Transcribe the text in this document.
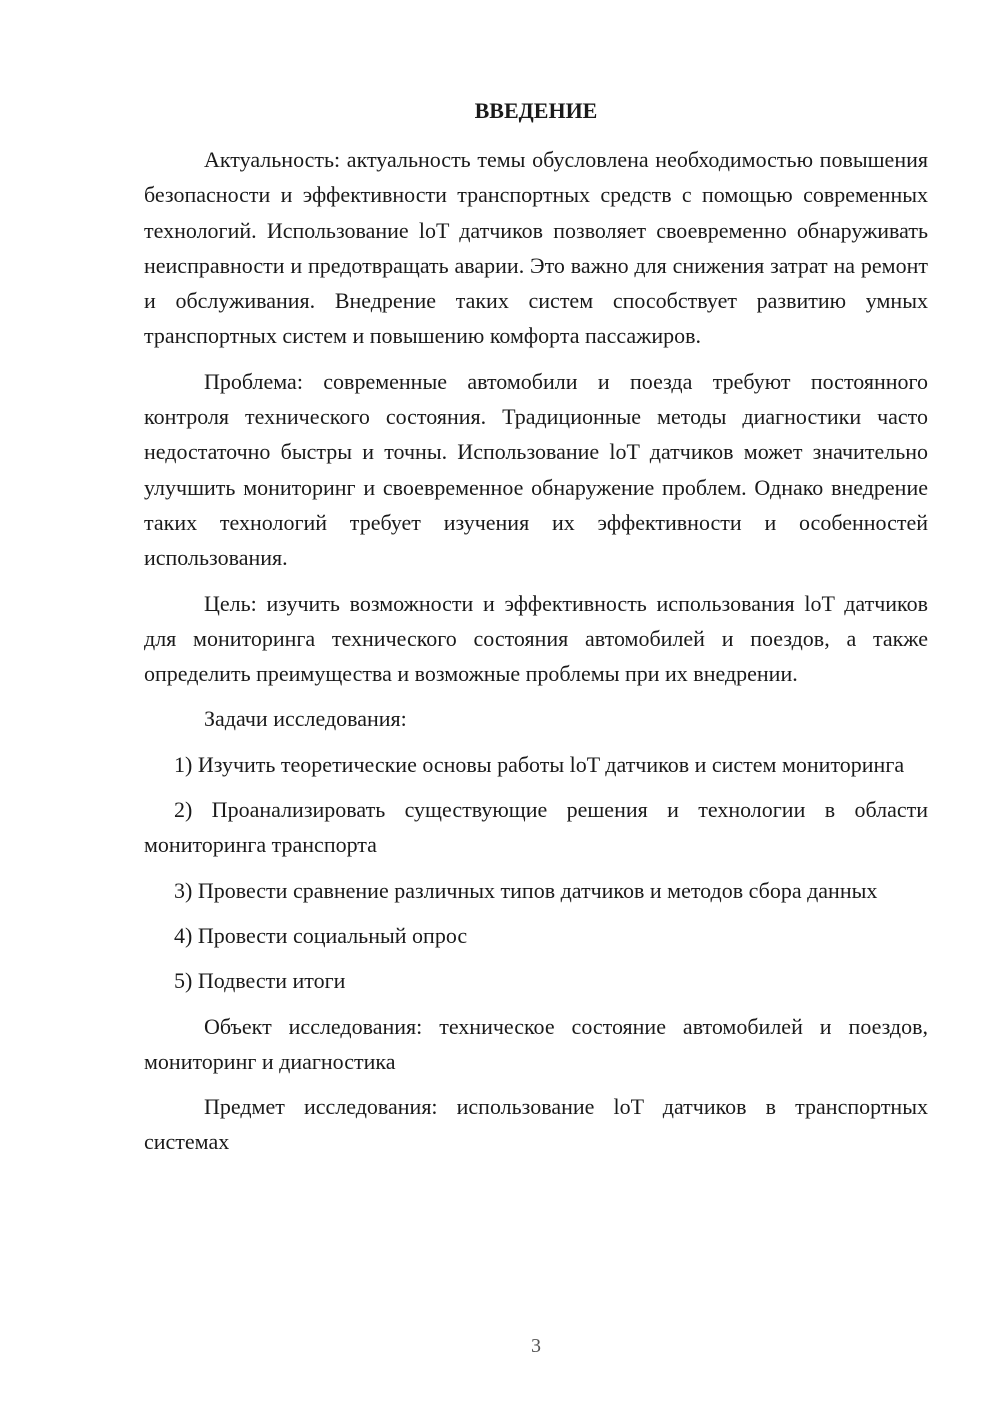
ВВЕДЕНИЕ

Актуальность: актуальность темы обусловлена необходимостью повышения безопасности и эффективности транспортных средств с помощью современных технологий. Использование loT датчиков позволяет своевременно обнаруживать неисправности и предотвращать аварии. Это важно для снижения затрат на ремонт и обслуживания. Внедрение таких систем способствует развитию умных транспортных систем и повышению комфорта пассажиров.

Проблема: современные автомобили и поезда требуют постоянного контроля технического состояния. Традиционные методы диагностики часто недостаточно быстры и точны. Использование loT датчиков может значительно улучшить мониторинг и своевременное обнаружение проблем. Однако внедрение таких технологий требует изучения их эффективности и особенностей использования.

Цель: изучить возможности и эффективность использования loT датчиков для мониторинга технического состояния автомобилей и поездов, а также определить преимущества и возможные проблемы при их внедрении.

Задачи исследования:

1) Изучить теоретические основы работы loT датчиков и систем мониторинга

2) Проанализировать существующие решения и технологии в области мониторинга транспорта

3) Провести сравнение различных типов датчиков и методов сбора данных

4) Провести социальный опрос

5) Подвести итоги

Объект исследования: техническое состояние автомобилей и поездов, мониторинг и диагностика

Предмет исследования: использование loT датчиков в транспортных системах

3
